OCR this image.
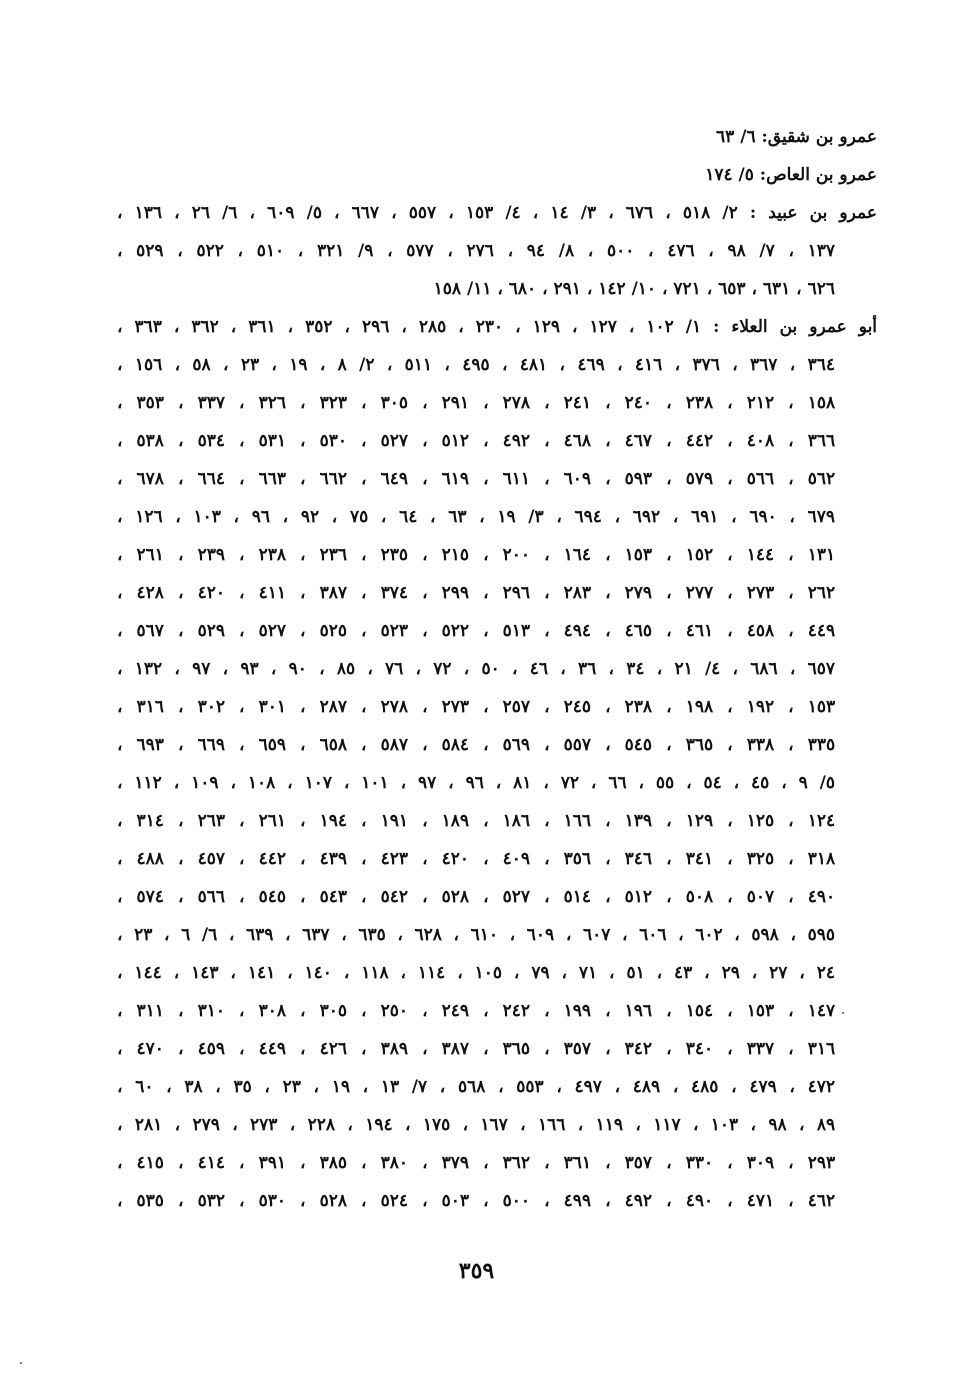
عمرو بن شقيق: ٦/ ٦٣
عمرو بن العاص: ٥/ ١٧٤
عمرو بن عبيد : ٢/ ٥١٨ ، ٦٧٦ ، ٣/ ١٤ ، ٤/ ١٥٣ ، ٥٥٧ ، ٦٦٧ ، ٥/ ٦٠٩ ، ٦/ ٢٦ ، ١٣٦ ،
١٣٧ ، ٧/ ٩٨ ، ٤٧٦ ، ٥٠٠ ، ٨/ ٩٤ ، ٢٧٦ ، ٥٧٧ ، ٩/ ٣٢١ ، ٥١٠ ، ٥٢٢ ، ٥٢٩ ،
٦٢٦ ، ٦٣١ ، ٦٥٣ ، ٧٢١ ، ١٠/ ١٤٢ ، ٢٩١ ، ٦٨٠ ، ١١/ ١٥٨
أبو عمرو بن العلاء : ١/ ١٠٢ ، ١٢٧ ، ١٢٩ ، ٢٣٠ ، ٢٨٥ ، ٢٩٦ ، ٣٥٢ ، ٣٦١ ، ٣٦٢ ، ٣٦٣ ،
٣٦٤ ، ٣٦٧ ، ٣٧٦ ، ٤١٦ ، ٤٦٩ ، ٤٨١ ، ٤٩٥ ، ٥١١ ، ٢/ ٨ ، ١٩ ، ٢٣ ، ٥٨ ، ١٥٦ ،
١٥٨ ، ٢١٢ ، ٢٣٨ ، ٢٤٠ ، ٢٤١ ، ٢٧٨ ، ٢٩١ ، ٣٠٥ ، ٣٢٣ ، ٣٢٦ ، ٣٣٧ ، ٣٥٣ ،
٣٦٦ ، ٤٠٨ ، ٤٤٢ ، ٤٦٧ ، ٤٦٨ ، ٤٩٢ ، ٥١٢ ، ٥٢٧ ، ٥٣٠ ، ٥٣١ ، ٥٣٤ ، ٥٣٨ ،
٥٦٢ ، ٥٦٦ ، ٥٧٩ ، ٥٩٣ ، ٦٠٩ ، ٦١١ ، ٦١٩ ، ٦٤٩ ، ٦٦٢ ، ٦٦٣ ، ٦٦٤ ، ٦٧٨ ،
٦٧٩ ، ٦٩٠ ، ٦٩١ ، ٦٩٢ ، ٦٩٤ ، ٣/ ١٩ ، ٦٣ ، ٦٤ ، ٧٥ ، ٩٢ ، ٩٦ ، ١٠٣ ، ١٢٦ ،
١٣١ ، ١٤٤ ، ١٥٢ ، ١٥٣ ، ١٦٤ ، ٢٠٠ ، ٢١٥ ، ٢٣٥ ، ٢٣٦ ، ٢٣٨ ، ٢٣٩ ، ٢٦١ ،
٢٦٢ ، ٢٧٣ ، ٢٧٧ ، ٢٧٩ ، ٢٨٣ ، ٢٩٦ ، ٢٩٩ ، ٣٧٤ ، ٣٨٧ ، ٤١١ ، ٤٢٠ ، ٤٢٨ ،
٤٤٩ ، ٤٥٨ ، ٤٦١ ، ٤٦٥ ، ٤٩٤ ، ٥١٣ ، ٥٢٢ ، ٥٢٣ ، ٥٢٥ ، ٥٢٧ ، ٥٢٩ ، ٥٦٧ ،
٦٥٧ ، ٦٨٦ ، ٤/ ٢١ ، ٣٤ ، ٣٦ ، ٤٦ ، ٥٠ ، ٧٢ ، ٧٦ ، ٨٥ ، ٩٠ ، ٩٣ ، ٩٧ ، ١٣٢ ،
١٥٣ ، ١٩٢ ، ١٩٨ ، ٢٣٨ ، ٢٤٥ ، ٢٥٧ ، ٢٧٣ ، ٢٧٨ ، ٢٨٧ ، ٣٠١ ، ٣٠٢ ، ٣١٦ ،
٣٣٥ ، ٣٣٨ ، ٣٦٥ ، ٥٤٥ ، ٥٥٧ ، ٥٦٩ ، ٥٨٤ ، ٥٨٧ ، ٦٥٨ ، ٦٥٩ ، ٦٦٩ ، ٦٩٣ ،
٥/ ٩ ، ٤٥ ، ٥٤ ، ٥٥ ، ٦٦ ، ٧٢ ، ٨١ ، ٩٦ ، ٩٧ ، ١٠١ ، ١٠٧ ، ١٠٨ ، ١٠٩ ، ١١٢ ،
١٢٤ ، ١٢٥ ، ١٢٩ ، ١٣٩ ، ١٦٦ ، ١٨٦ ، ١٨٩ ، ١٩١ ، ١٩٤ ، ٢٦١ ، ٢٦٣ ، ٣١٤ ،
٣١٨ ، ٣٢٥ ، ٣٤١ ، ٣٤٦ ، ٣٥٦ ، ٤٠٩ ، ٤٢٠ ، ٤٢٣ ، ٤٣٩ ، ٤٤٢ ، ٤٥٧ ، ٤٨٨ ،
٤٩٠ ، ٥٠٧ ، ٥٠٨ ، ٥١٢ ، ٥١٤ ، ٥٢٧ ، ٥٢٨ ، ٥٤٢ ، ٥٤٣ ، ٥٤٥ ، ٥٦٦ ، ٥٧٤ ،
٥٩٥ ، ٥٩٨ ، ٦٠٢ ، ٦٠٦ ، ٦٠٧ ، ٦٠٩ ، ٦١٠ ، ٦٢٨ ، ٦٣٥ ، ٦٣٧ ، ٦٣٩ ، ٦/ ٦ ، ٢٣ ،
٢٤ ، ٢٧ ، ٢٩ ، ٤٣ ، ٥١ ، ٧١ ، ٧٩ ، ١٠٥ ، ١١٤ ، ١١٨ ، ١٤٠ ، ١٤١ ، ١٤٣ ، ١٤٤ ،
١٤٧ ، ١٥٣ ، ١٥٤ ، ١٩٦ ، ١٩٩ ، ٢٤٢ ، ٢٤٩ ، ٢٥٠ ، ٣٠٥ ، ٣٠٨ ، ٣١٠ ، ٣١١ ،
٣١٦ ، ٣٣٧ ، ٣٤٠ ، ٣٤٢ ، ٣٥٧ ، ٣٦٥ ، ٣٨٧ ، ٣٨٩ ، ٤٢٦ ، ٤٤٩ ، ٤٥٩ ، ٤٧٠ ،
٤٧٢ ، ٤٧٩ ، ٤٨٥ ، ٤٨٩ ، ٤٩٧ ، ٥٥٣ ، ٥٦٨ ، ٧/ ١٣ ، ١٩ ، ٢٣ ، ٣٥ ، ٣٨ ، ٦٠ ،
٨٩ ، ٩٨ ، ١٠٣ ، ١١٧ ، ١١٩ ، ١٦٦ ، ١٦٧ ، ١٧٥ ، ١٩٤ ، ٢٢٨ ، ٢٧٣ ، ٢٧٩ ، ٢٨١ ،
٢٩٣ ، ٣٠٩ ، ٣٣٠ ، ٣٥٧ ، ٣٦١ ، ٣٦٢ ، ٣٧٩ ، ٣٨٠ ، ٣٨٥ ، ٣٩١ ، ٤١٤ ، ٤١٥ ،
٤٦٢ ، ٤٧١ ، ٤٩٠ ، ٤٩٢ ، ٤٩٩ ، ٥٠٠ ، ٥٠٣ ، ٥٢٤ ، ٥٢٨ ، ٥٣٠ ، ٥٣٢ ، ٥٣٥ ،
٣٥٩
